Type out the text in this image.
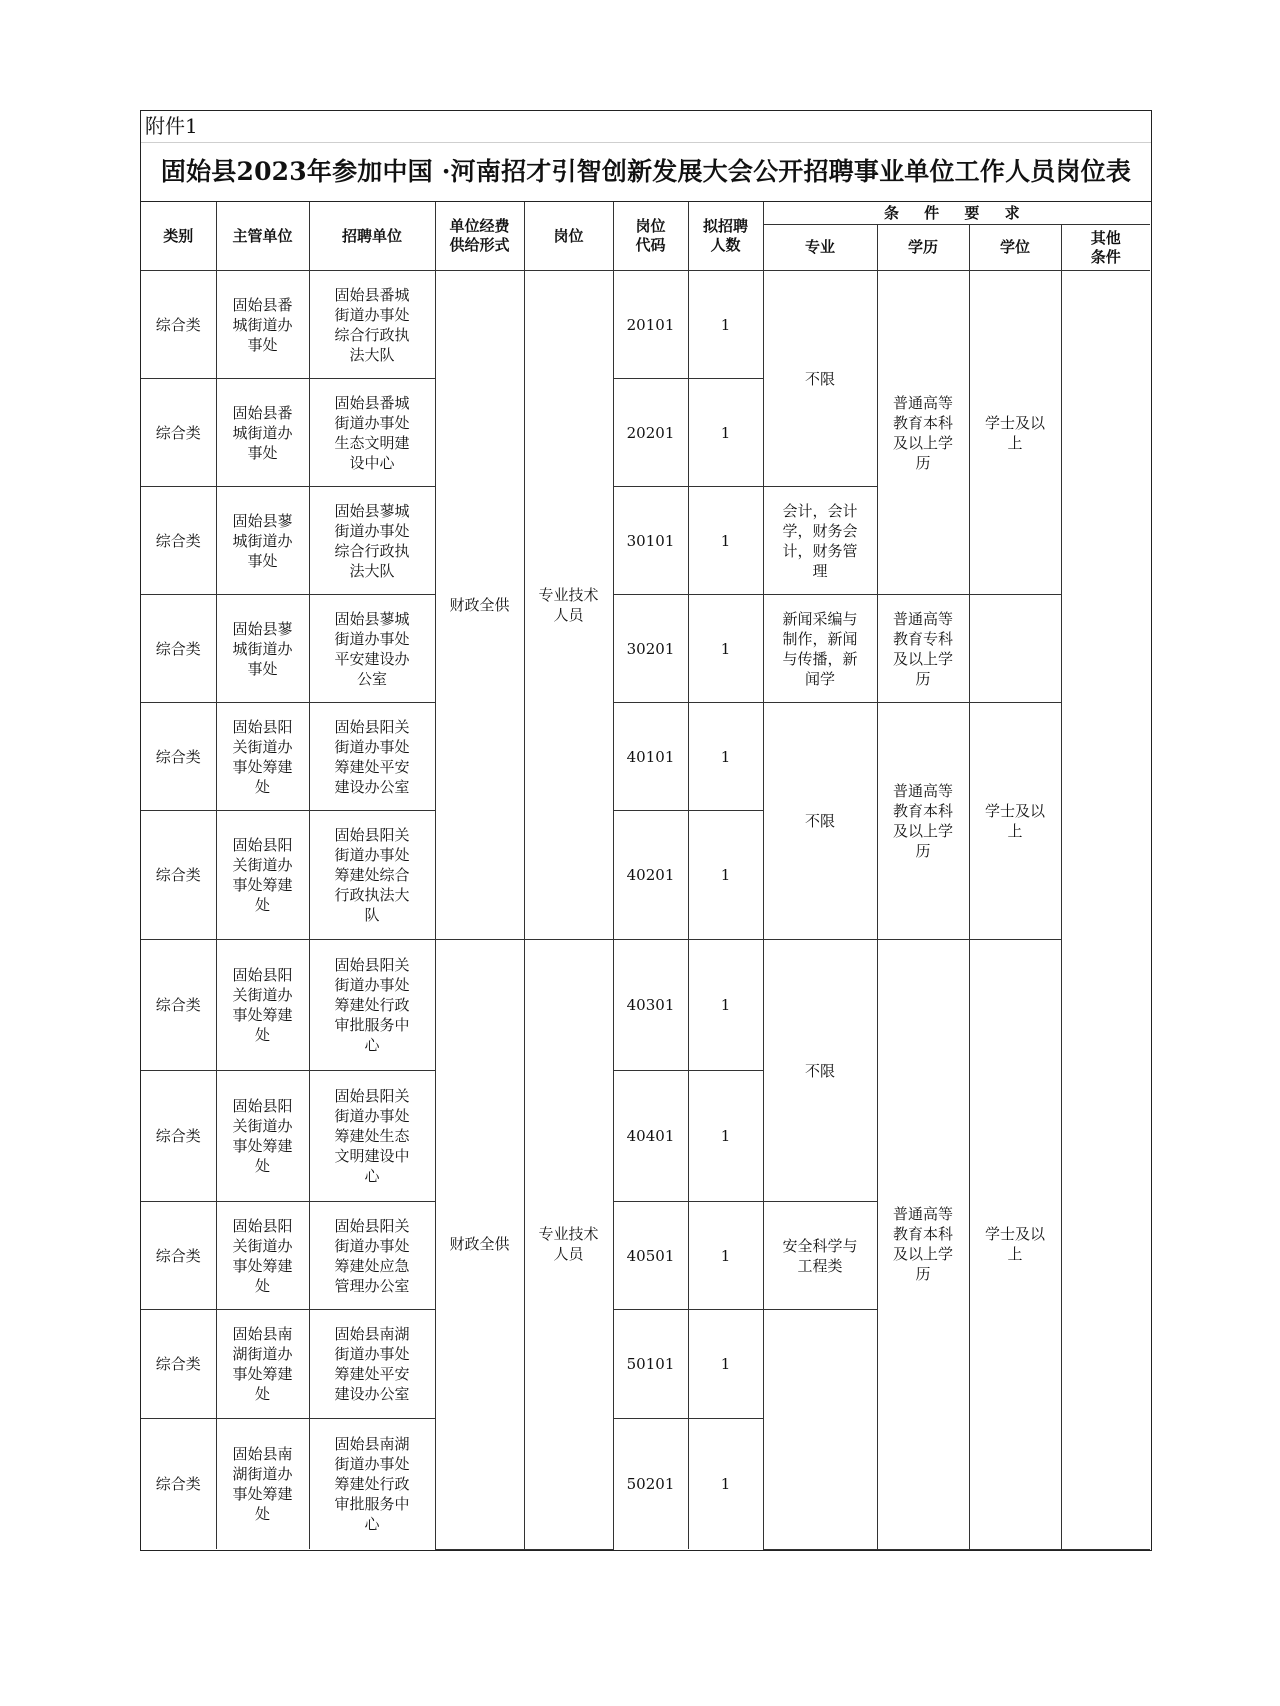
附件1
固始县2023年参加中国 ·河南招才引智创新发展大会公开招聘事业单位工作人员岗位表
类别	主管单位	招聘单位	单位经费供给形式	岗位	岗位代码	拟招聘人数	条 件 要 求			
							专业	学历	学位	其他条件
综合类	固始县番城街道办事处	固始县番城街道办事处综合行政执法大队	财政全供	专业技术人员	20101	1	不限	普通高等教育本科及以上学历	学士及以上	
综合类	固始县番城街道办事处	固始县番城街道办事处生态文明建设中心			20201	1				
综合类	固始县蓼城街道办事处	固始县蓼城街道办事处综合行政执法大队			30101	1	会计，会计学，财务会计，财务管理			
综合类	固始县蓼城街道办事处	固始县蓼城街道办事处平安建设办公室			30201	1	新闻采编与制作，新闻与传播，新闻学	普通高等教育专科及以上学历		
综合类	固始县阳关街道办事处筹建处	固始县阳关街道办事处筹建处平安建设办公室			40101	1	不限	普通高等教育本科及以上学历	学士及以上	
综合类	固始县阳关街道办事处筹建处	固始县阳关街道办事处筹建处综合行政执法大队			40201	1				
综合类	固始县阳关街道办事处筹建处	固始县阳关街道办事处筹建处行政审批服务中心	财政全供	专业技术人员	40301	1	不限	普通高等教育本科及以上学历	学士及以上	
综合类	固始县阳关街道办事处筹建处	固始县阳关街道办事处筹建处生态文明建设中心			40401	1				
综合类	固始县阳关街道办事处筹建处	固始县阳关街道办事处筹建处应急管理办公室			40501	1	安全科学与工程类			
综合类	固始县南湖街道办事处筹建处	固始县南湖街道办事处筹建处平安建设办公室			50101	1				
综合类	固始县南湖街道办事处筹建处	固始县南湖街道办事处筹建处行政审批服务中心			50201	1				
